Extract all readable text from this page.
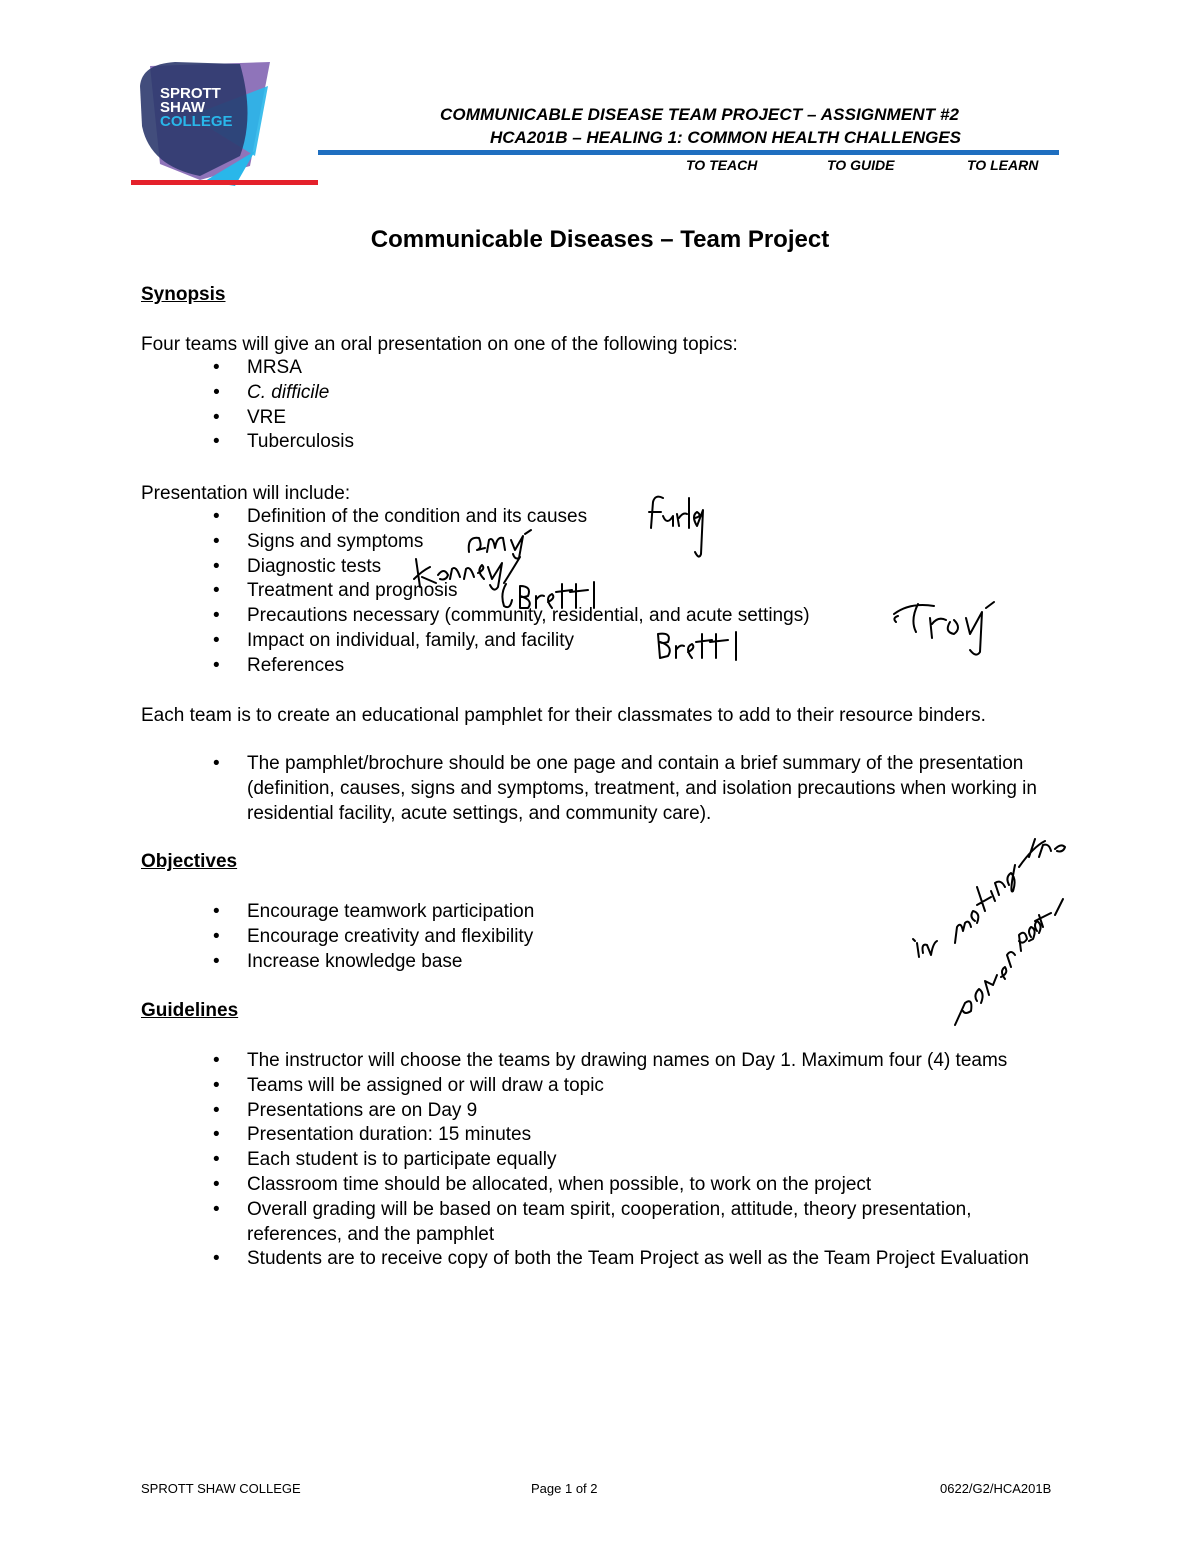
SPROTT
SHAW
COLLEGE	COMMUNICABLE DISEASE TEAM PROJECT – ASSIGNMENT #2
HCA201B – HEALING 1: COMMON HEALTH CHALLENGES
TO TEACH	TO GUIDE	TO LEARN
Communicable Diseases – Team Project
Synopsis
Four teams will give an oral presentation on one of the following topics:
• MRSA
• C. difficile
• VRE
• Tuberculosis
Presentation will include:
• Definition of the condition and its causes
• Signs and symptoms
• Diagnostic tests
• Treatment and prognosis
• Precautions necessary (community, residential, and acute settings)
• Impact on individual, family, and facility
• References
Each team is to create an educational pamphlet for their classmates to add to their resource binders.
• The pamphlet/brochure should be one page and contain a brief summary of the presentation (definition, causes, signs and symptoms, treatment, and isolation precautions when working in residential facility, acute settings, and community care).
Objectives
• Encourage teamwork participation
• Encourage creativity and flexibility
• Increase knowledge base
Guidelines
• The instructor will choose the teams by drawing names on Day 1. Maximum four (4) teams
• Teams will be assigned or will draw a topic
• Presentations are on Day 9
• Presentation duration: 15 minutes
• Each student is to participate equally
• Classroom time should be allocated, when possible, to work on the project
• Overall grading will be based on team spirit, cooperation, attitude, theory presentation, references, and the pamphlet
• Students are to receive copy of both the Team Project as well as the Team Project Evaluation
SPROTT SHAW COLLEGE	Page 1 of 2	0622/G2/HCA201B
